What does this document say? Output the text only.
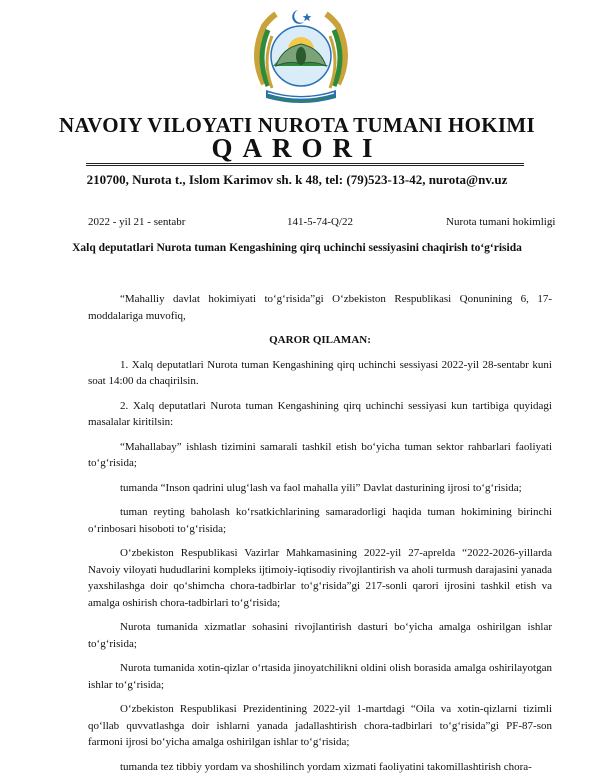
NAVOIY VILOYATI NUROTA TUMANI HOKIMI
QARORI
210700, Nurota t., Islom Karimov sh. k 48, tel: (79)523-13-42, nurota@nv.uz
2022 - yil 21 - sentabr	141-5-74-Q/22	Nurota tumani hokimligi
Xalq deputatlari Nurota tuman Kengashining qirq uchinchi sessiyasini chaqirish to‘g‘risida

“Mahalliy davlat hokimiyati to‘g‘risida”gi O‘zbekiston Respublikasi Qonunining 6, 17-moddalariga muvofiq,

QAROR QILAMAN:

1. Xalq deputatlari Nurota tuman Kengashining qirq uchinchi sessiyasi 2022-yil 28-sentabr kuni soat 14:00 da chaqirilsin.

2. Xalq deputatlari Nurota tuman Kengashining qirq uchinchi sessiyasi kun tartibiga quyidagi masalalar kiritilsin:

“Mahallabay” ishlash tizimini samarali tashkil etish bo‘yicha tuman sektor rahbarlari faoliyati to‘g‘risida;

tumanda “Inson qadrini ulug‘lash va faol mahalla yili” Davlat dasturining ijrosi to‘g‘risida;

tuman reyting baholash ko‘rsatkichlarining samaradorligi haqida tuman hokimining birinchi o‘rinbosari hisoboti to‘g‘risida;

O‘zbekiston Respublikasi Vazirlar Mahkamasining 2022-yil 27-aprelda “2022-2026-yillarda Navoiy viloyati hududlarini kompleks ijtimoiy-iqtisodiy rivojlantirish va aholi turmush darajasini yanada yaxshilashga doir qo‘shimcha chora-tadbirlar to‘g‘risida”gi 217-sonli qarori ijrosini tashkil etish va amalga oshirish chora-tadbirlari to‘g‘risida;

Nurota tumanida xizmatlar sohasini rivojlantirish dasturi bo‘yicha amalga oshirilgan ishlar to‘g‘risida;

Nurota tumanida xotin-qizlar o‘rtasida jinoyatchilikni oldini olish borasida amalga oshirilayotgan ishlar to‘g‘risida;

O‘zbekiston Respublikasi Prezidentining 2022-yil 1-martdagi “Oila va xotin-qizlarni tizimli qo‘llab quvvatlashga doir ishlarni yanada jadallashtirish chora-tadbirlari to‘g‘risida”gi PF-87-son farmoni ijrosi bo‘yicha amalga oshirilgan ishlar to‘g‘risida;

tumanda tez tibbiy yordam va shoshilinch yordam xizmati faoliyatini takomillashtirish chora-
